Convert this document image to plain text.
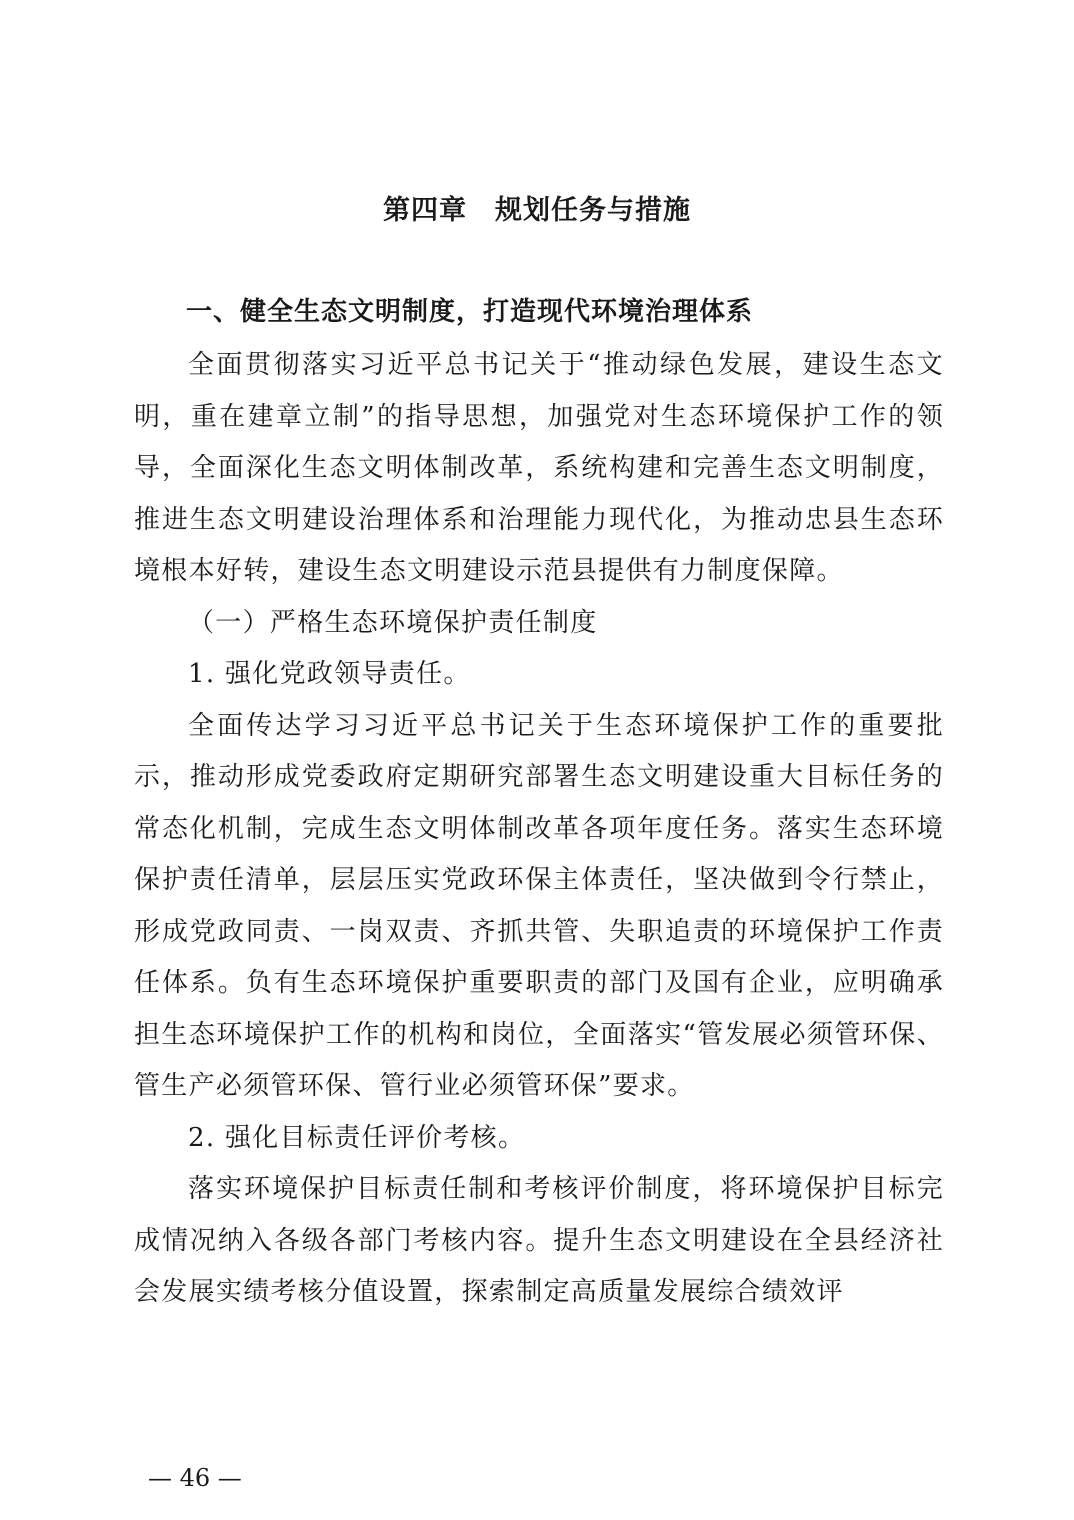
第四章　规划任务与措施
一、健全生态文明制度，打造现代环境治理体系

全面贯彻落实习近平总书记关于“推动绿色发展，建设生态文明，重在建章立制”的指导思想，加强党对生态环境保护工作的领导，全面深化生态文明体制改革，系统构建和完善生态文明制度，推进生态文明建设治理体系和治理能力现代化，为推动忠县生态环境根本好转，建设生态文明建设示范县提供有力制度保障。

（一）严格生态环境保护责任制度

1. 强化党政领导责任。

全面传达学习习近平总书记关于生态环境保护工作的重要批示，推动形成党委政府定期研究部署生态文明建设重大目标任务的常态化机制，完成生态文明体制改革各项年度任务。落实生态环境保护责任清单，层层压实党政环保主体责任，坚决做到令行禁止，形成党政同责、一岗双责、齐抓共管、失职追责的环境保护工作责任体系。负有生态环境保护重要职责的部门及国有企业，应明确承担生态环境保护工作的机构和岗位，全面落实“管发展必须管环保、管生产必须管环保、管行业必须管环保”要求。

2. 强化目标责任评价考核。

落实环境保护目标责任制和考核评价制度，将环境保护目标完成情况纳入各级各部门考核内容。提升生态文明建设在全县经济社会发展实绩考核分值设置，探索制定高质量发展综合绩效评

— 46 —
